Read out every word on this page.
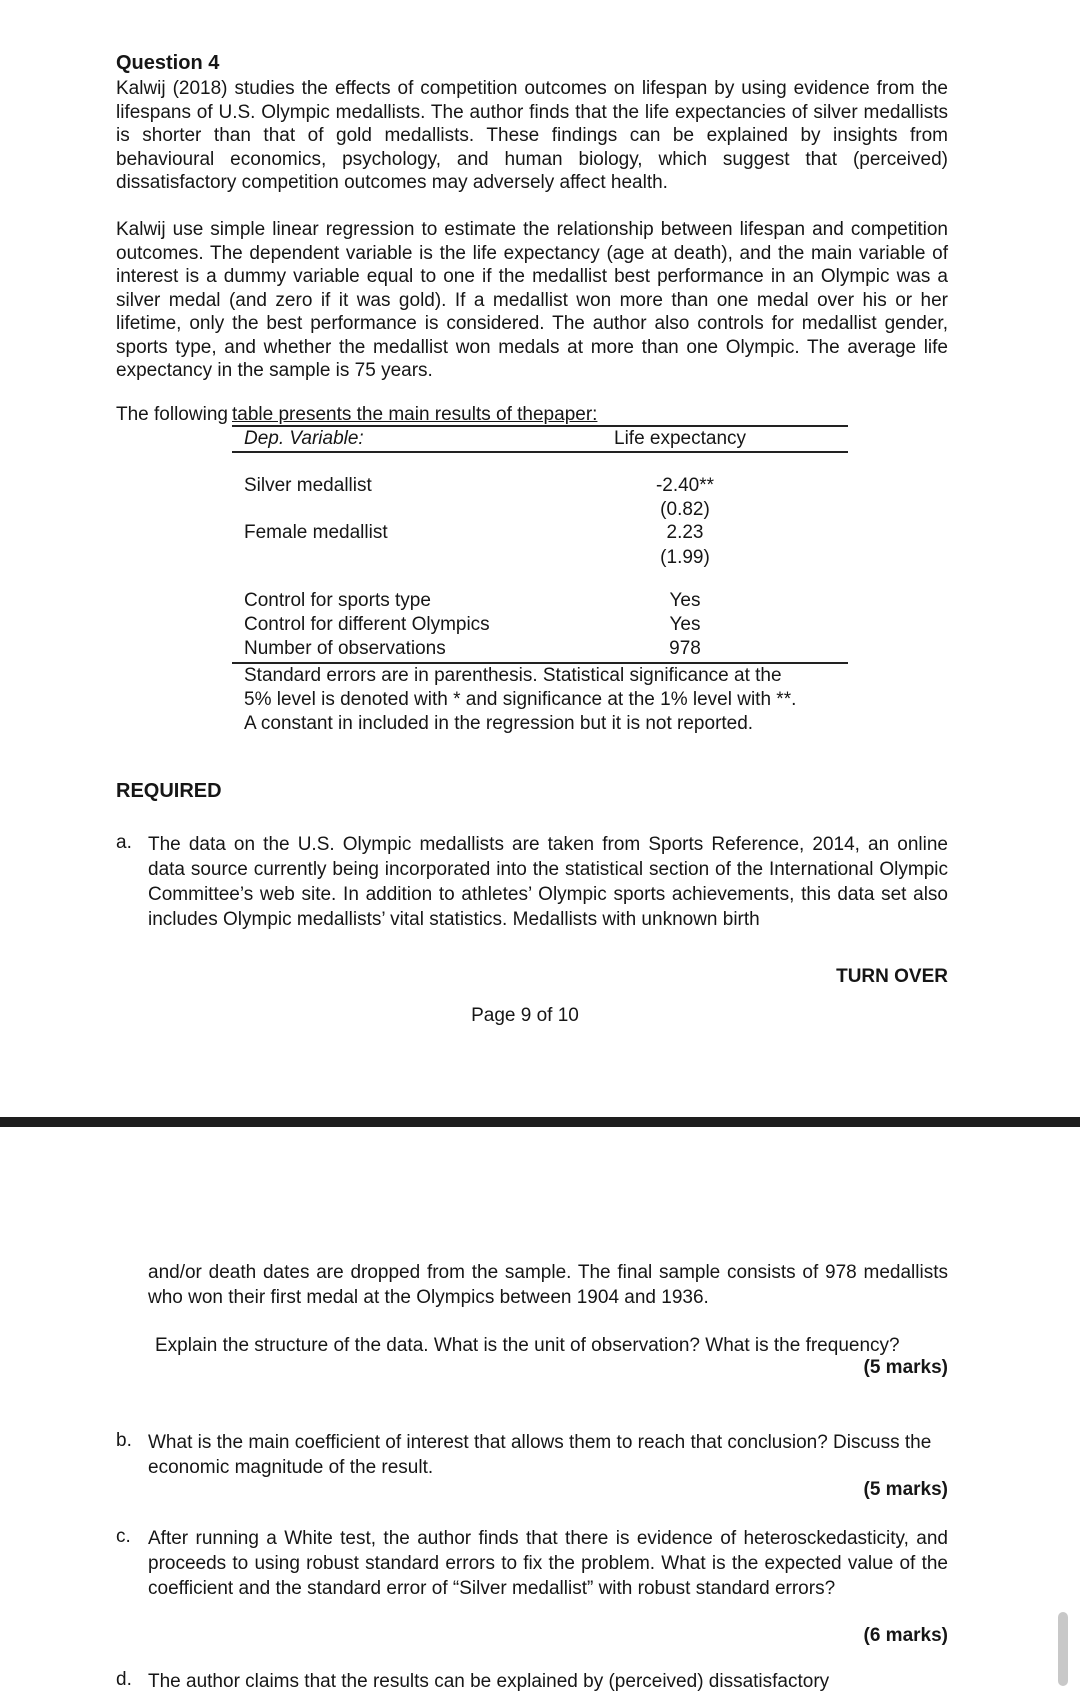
Question 4
Kalwij (2018) studies the effects of competition outcomes on lifespan by using evidence from the lifespans of U.S. Olympic medallists. The author finds that the life expectancies of silver medallists is shorter than that of gold medallists. These findings can be explained by insights from behavioural economics, psychology, and human biology, which suggest that (perceived) dissatisfactory competition outcomes may adversely affect health.
Kalwij use simple linear regression to estimate the relationship between lifespan and competition outcomes. The dependent variable is the life expectancy (age at death), and the main variable of interest is a dummy variable equal to one if the medallist best performance in an Olympic was a silver medal (and zero if it was gold). If a medallist won more than one medal over his or her lifetime, only the best performance is considered. The author also controls for medallist gender, sports type, and whether the medallist won medals at more than one Olympic. The average life expectancy in the sample is 75 years.
The following table presents the main results of thepaper:
Dep. Variable:	Life expectancy
Silver medallist	-2.40**
(0.82)
Female medallist	2.23
(1.99)
Control for sports type	Yes
Control for different Olympics	Yes
Number of observations	978
Standard errors are in parenthesis. Statistical significance at the
5% level is denoted with * and significance at the 1% level with **.
A constant in included in the regression but it is not reported.
REQUIRED
a. The data on the U.S. Olympic medallists are taken from Sports Reference, 2014, an online data source currently being incorporated into the statistical section of the International Olympic Committee’s web site. In addition to athletes’ Olympic sports achievements, this data set also includes Olympic medallists’ vital statistics. Medallists with unknown birth
TURN OVER
Page 9 of 10
and/or death dates are dropped from the sample. The final sample consists of 978 medallists who won their first medal at the Olympics between 1904 and 1936.
Explain the structure of the data. What is the unit of observation? What is the frequency?
(5 marks)
b. What is the main coefficient of interest that allows them to reach that conclusion? Discuss the economic magnitude of the result.
(5 marks)
c. After running a White test, the author finds that there is evidence of heterosckedasticity, and proceeds to using robust standard errors to fix the problem. What is the expected value of the coefficient and the standard error of “Silver medallist” with robust standard errors?
(6 marks)
d. The author claims that the results can be explained by (perceived) dissatisfactory
